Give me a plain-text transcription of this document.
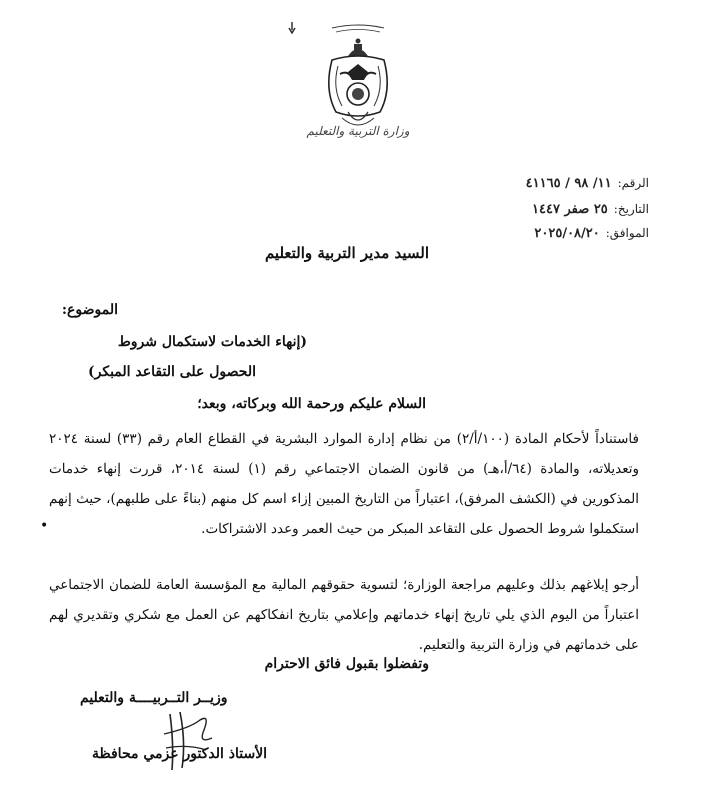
وزارة التربية والتعليم
الرقم:١١/ ٩٨ / ٤١١٦٥
التاريخ:٢٥ صفر ١٤٤٧
الموافق:٢٠٢٥/٠٨/٢٠
السيد مدير التربية والتعليم
الموضوع:
(إنهاء الخدمات لاستكمال شروط
الحصول على التقاعد المبكر)
السلام عليكم ورحمة الله وبركاته، وبعد؛
فاستناداً لأحكام المادة (١٠٠/أ/٢) من نظام إدارة الموارد البشرية في القطاع العام رقم (٣٣) لسنة ٢٠٢٤ وتعديلاته، والمادة (٦٤/أ،هـ) من قانون الضمان الاجتماعي رقم (١) لسنة ٢٠١٤، قررت إنهاء خدمات المذكورين في (الكشف المرفق)، اعتباراً من التاريخ المبين إزاء اسم كل منهم (بناءً على طلبهم)، حيث إنهم استكملوا شروط الحصول على التقاعد المبكر من حيث العمر وعدد الاشتراكات.
•
أرجو إبلاغهم بذلك وعليهم مراجعة الوزارة؛ لتسوية حقوقهم المالية مع المؤسسة العامة للضمان الاجتماعي اعتباراً من اليوم الذي يلي تاريخ إنهاء خدماتهم وإعلامي بتاريخ انفكاكهم عن العمل مع شكري وتقديري لهم على خدماتهم في وزارة التربية والتعليم.
وتفضلوا بقبول فائق الاحترام
وزيــر التــربيــــة والتعليم
الأستاذ الدكتور عزمي محافظة
